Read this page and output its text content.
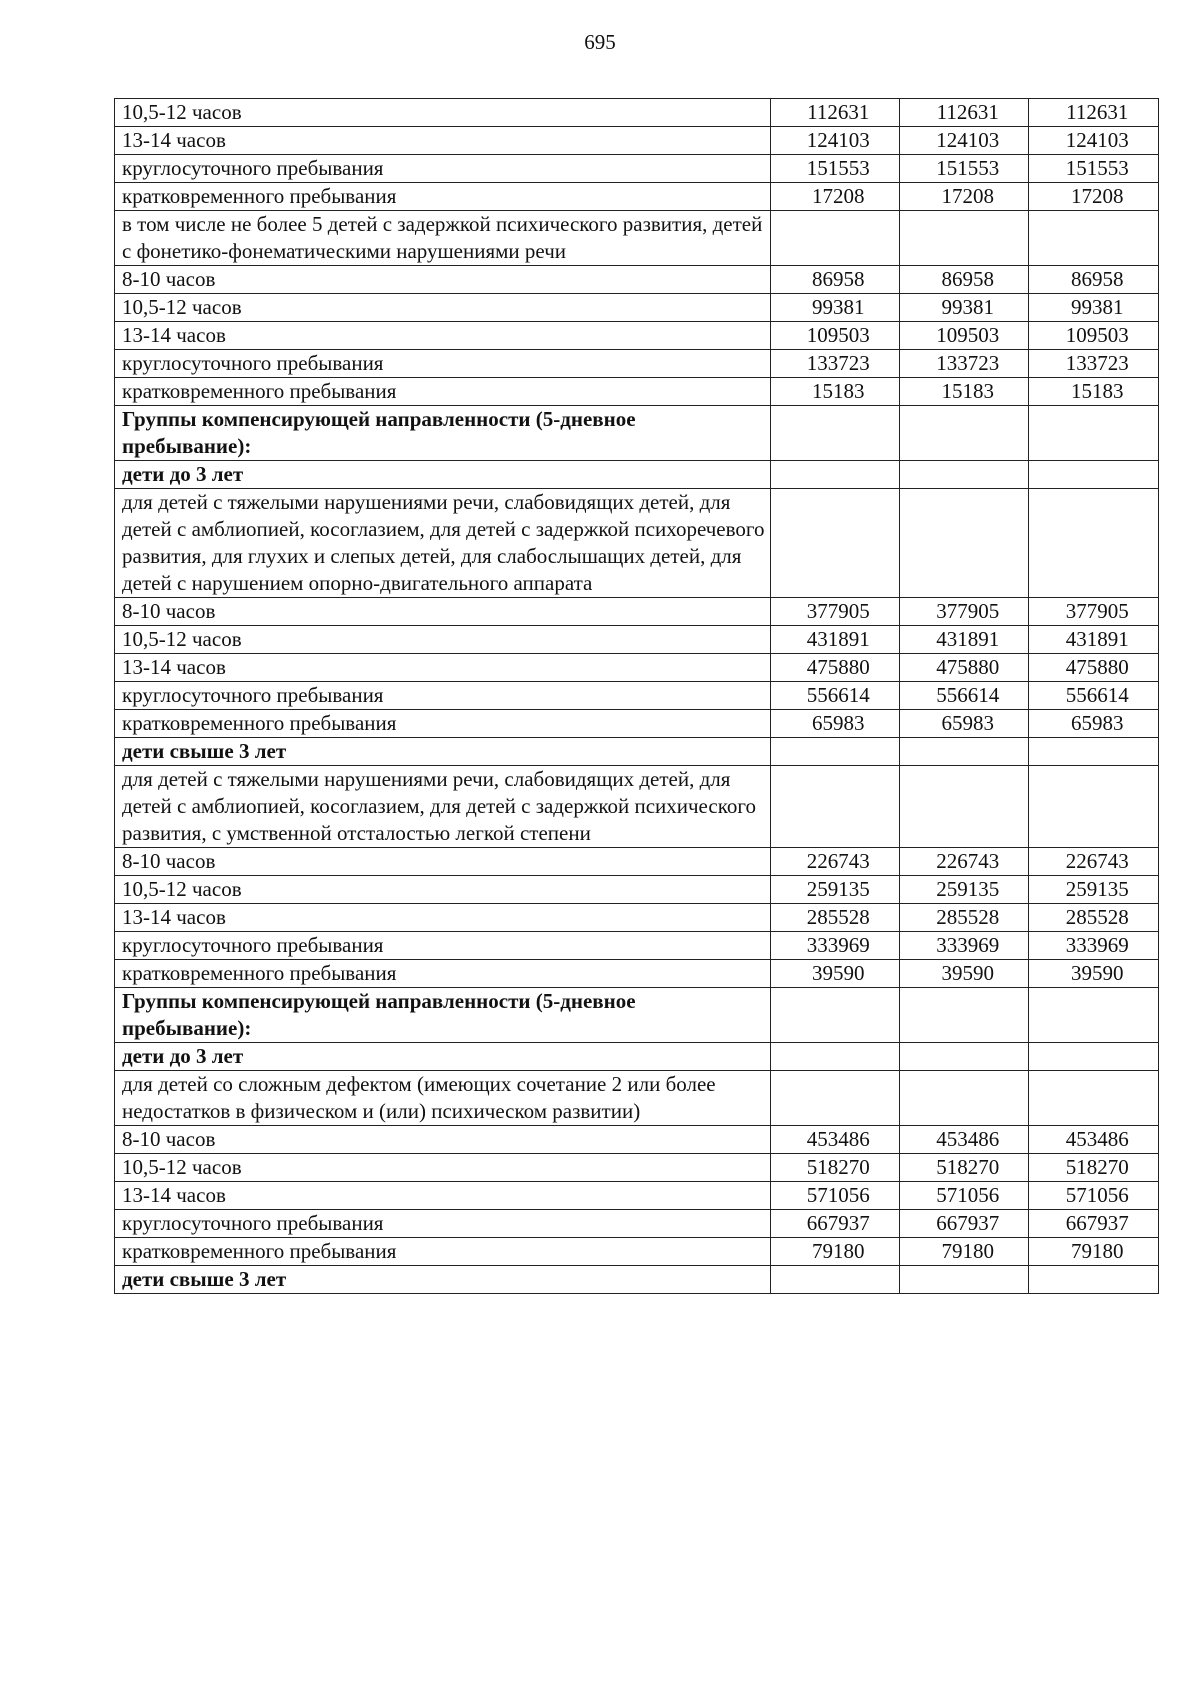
695
10,5-12 часов	112631	112631	112631
13-14 часов	124103	124103	124103
круглосуточного пребывания	151553	151553	151553
кратковременного пребывания	17208	17208	17208
в том числе не более 5 детей с задержкой психического развития, детей с фонетико-фонематическими нарушениями речи			
8-10 часов	86958	86958	86958
10,5-12 часов	99381	99381	99381
13-14 часов	109503	109503	109503
круглосуточного пребывания	133723	133723	133723
кратковременного пребывания	15183	15183	15183
Группы компенсирующей направленности (5-дневное пребывание):			
дети до 3 лет			
для детей с тяжелыми нарушениями речи, слабовидящих детей, для детей с амблиопией, косоглазием, для детей с задержкой психоречевого развития, для глухих и слепых детей, для слабослышащих детей, для детей с нарушением опорно-двигательного аппарата			
8-10 часов	377905	377905	377905
10,5-12 часов	431891	431891	431891
13-14 часов	475880	475880	475880
круглосуточного пребывания	556614	556614	556614
кратковременного пребывания	65983	65983	65983
дети свыше 3 лет			
для детей с тяжелыми нарушениями речи, слабовидящих детей, для детей с амблиопией, косоглазием, для детей с задержкой психического развития, с умственной отсталостью легкой степени			
8-10 часов	226743	226743	226743
10,5-12 часов	259135	259135	259135
13-14 часов	285528	285528	285528
круглосуточного пребывания	333969	333969	333969
кратковременного пребывания	39590	39590	39590
Группы компенсирующей направленности (5-дневное пребывание):			
дети до 3 лет			
для детей со сложным дефектом (имеющих сочетание 2 или более недостатков в физическом и (или) психическом развитии)			
8-10 часов	453486	453486	453486
10,5-12 часов	518270	518270	518270
13-14 часов	571056	571056	571056
круглосуточного пребывания	667937	667937	667937
кратковременного пребывания	79180	79180	79180
дети свыше 3 лет			
